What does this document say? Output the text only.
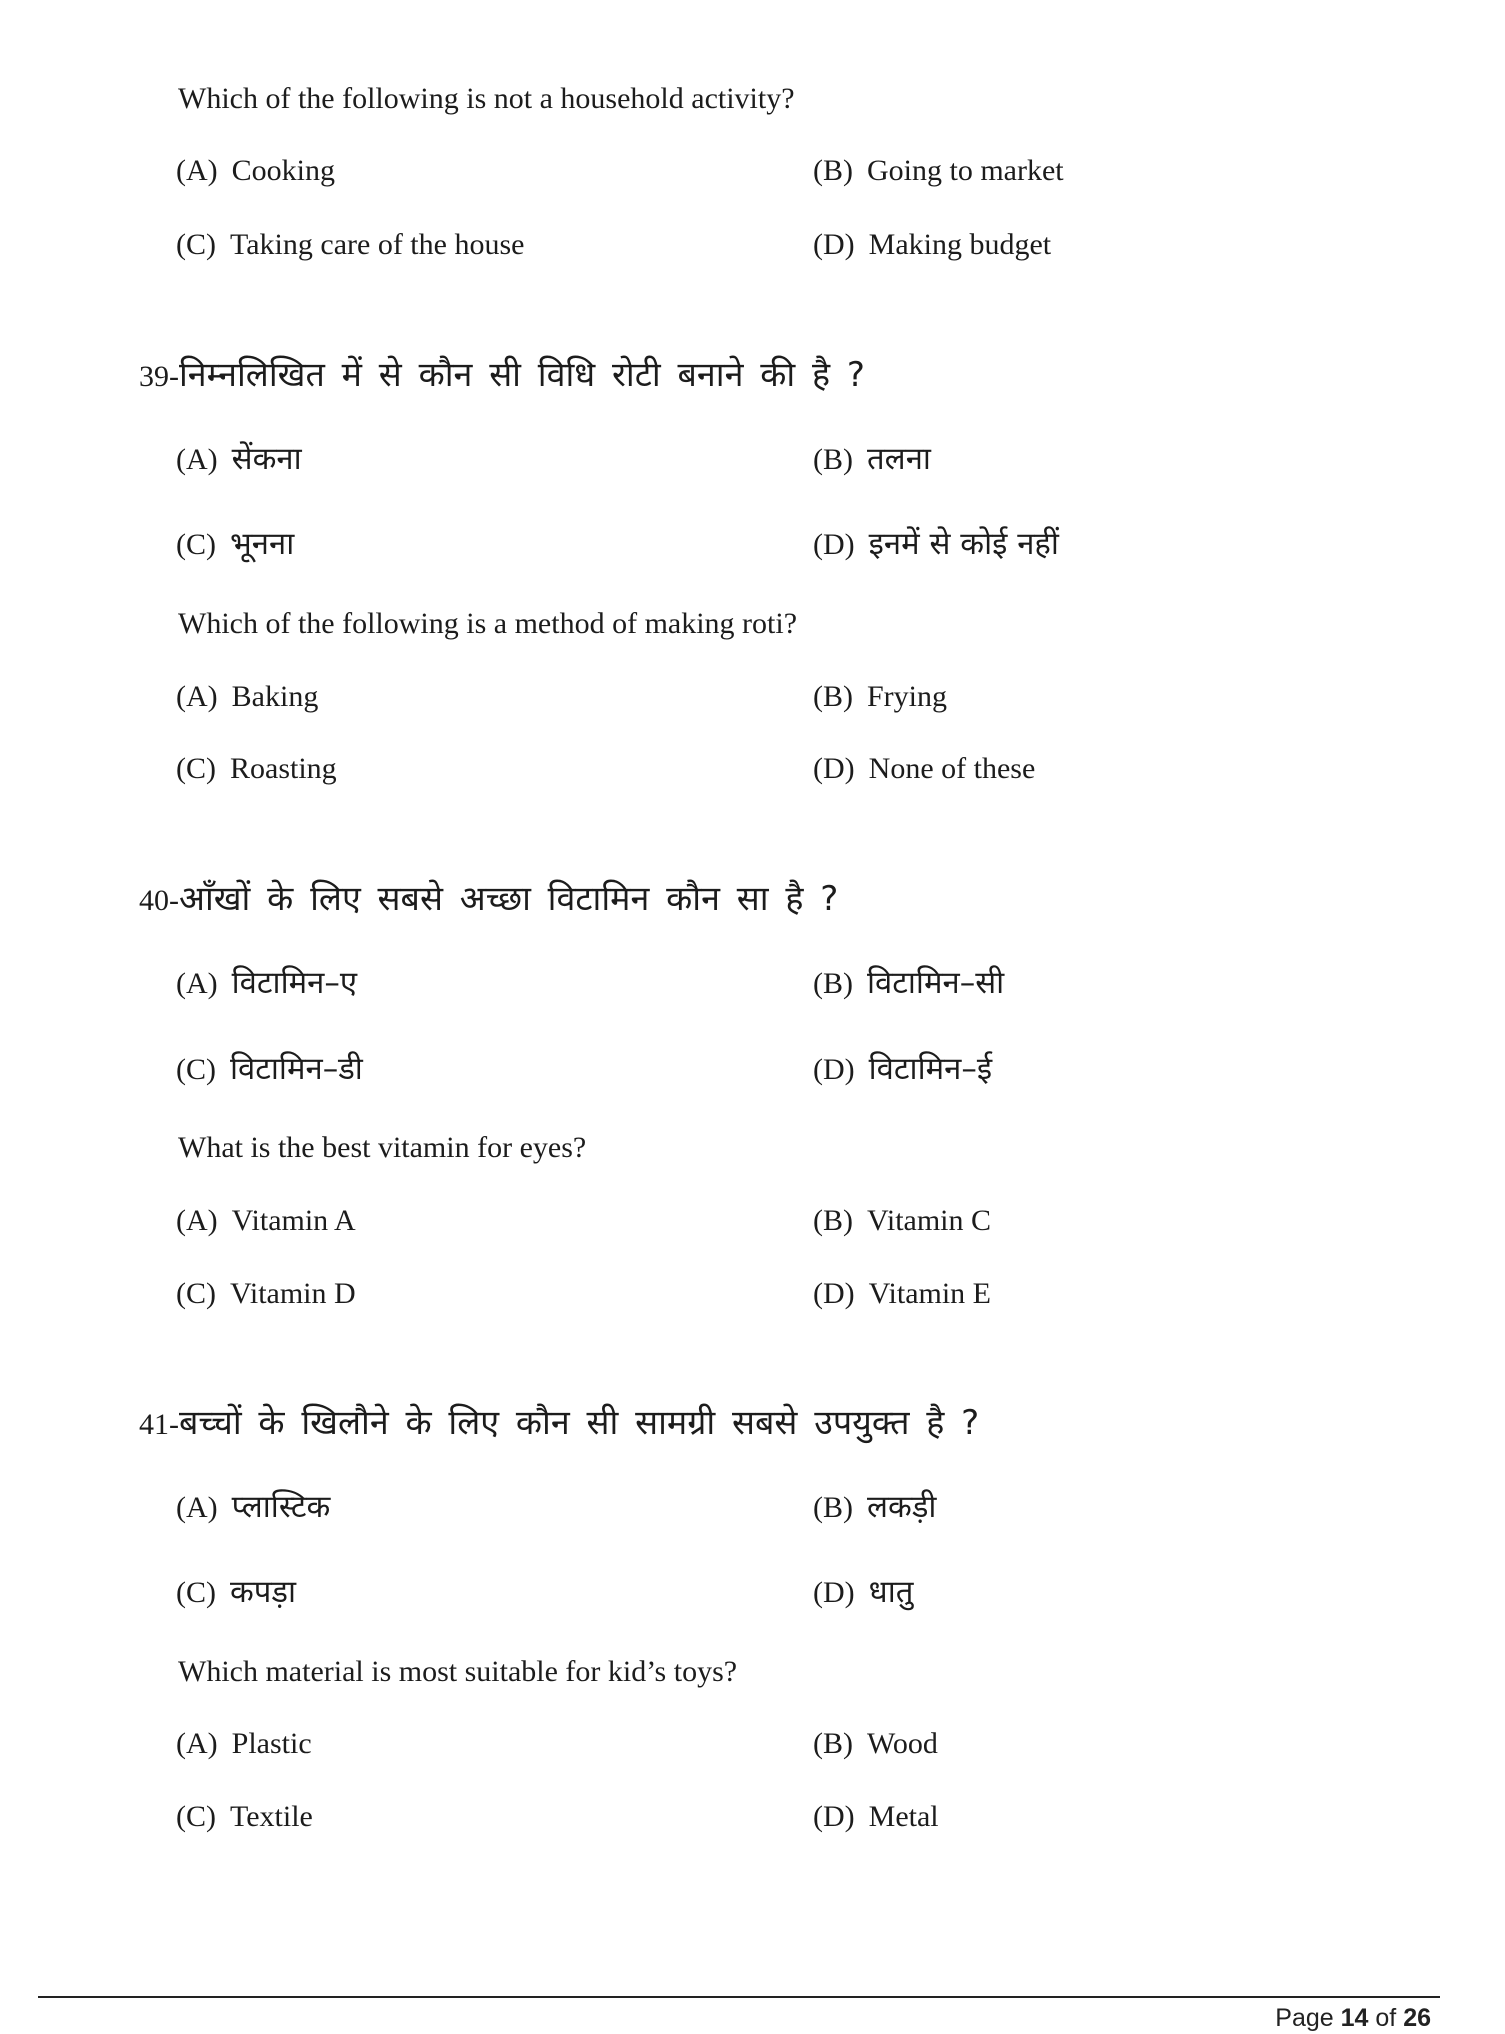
Which of the following is not a household activity?
(A) Cooking	(B) Going to market
(C) Taking care of the house	(D) Making budget
39-निम्नलिखित में से कौन सी विधि रोटी बनाने की है ?
(A) सेंकना	(B) तलना
(C) भूनना	(D) इनमें से कोई नहीं
Which of the following is a method of making roti?
(A) Baking	(B) Frying
(C) Roasting	(D) None of these
40-आँखों के लिए सबसे अच्छा विटामिन कौन सा है ?
(A) विटामिन–ए	(B) विटामिन–सी
(C) विटामिन–डी	(D) विटामिन–ई
What is the best vitamin for eyes?
(A) Vitamin A	(B) Vitamin C
(C) Vitamin D	(D) Vitamin E
41-बच्चों के खिलौने के लिए कौन सी सामग्री सबसे उपयुक्त है ?
(A) प्लास्टिक	(B) लकड़ी
(C) कपड़ा	(D) धातु
Which material is most suitable for kid’s toys?
(A) Plastic	(B) Wood
(C) Textile	(D) Metal
Page 14 of 26
